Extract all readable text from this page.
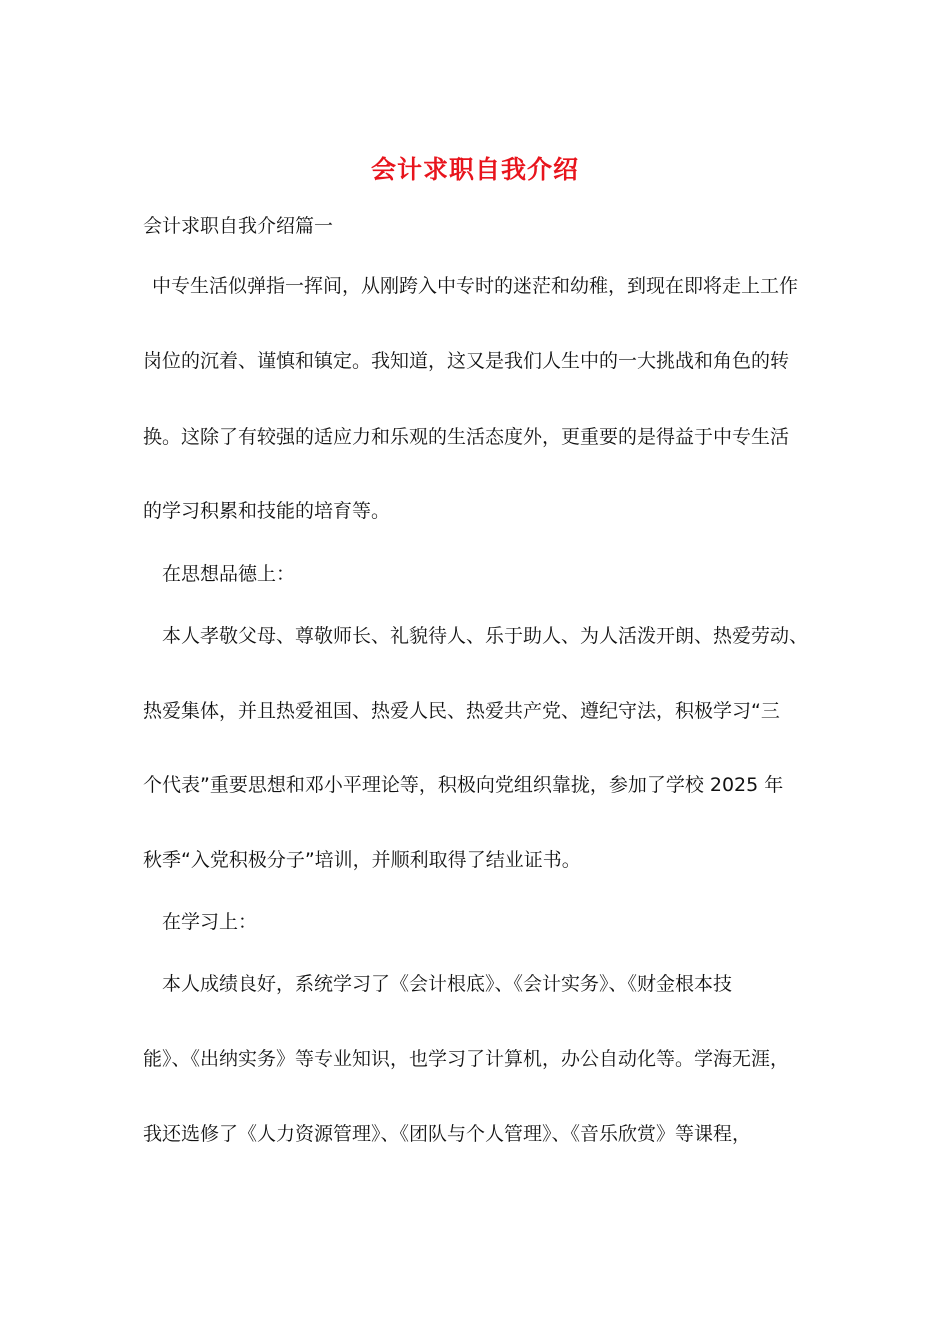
会计求职自我介绍
会计求职自我介绍篇一
中专生活似弹指一挥间，从刚跨入中专时的迷茫和幼稚，到现在即将走上工作
岗位的沉着、谨慎和镇定。我知道，这又是我们人生中的一大挑战和角色的转
换。这除了有较强的适应力和乐观的生活态度外，更重要的是得益于中专生活
的学习积累和技能的培育等。
在思想品德上：
本人孝敬父母、尊敬师长、礼貌待人、乐于助人、为人活泼开朗、热爱劳动、
热爱集体，并且热爱祖国、热爱人民、热爱共产党、遵纪守法，积极学习“三
个代表”重要思想和邓小平理论等，积极向党组织靠拢，参加了学校 2025 年
秋季“入党积极分子”培训，并顺利取得了结业证书。
在学习上：
本人成绩良好，系统学习了《会计根底》、《会计实务》、《财金根本技
能》、《出纳实务》等专业知识，也学习了计算机，办公自动化等。学海无涯，
我还选修了《人力资源管理》、《团队与个人管理》、《音乐欣赏》等课程，
